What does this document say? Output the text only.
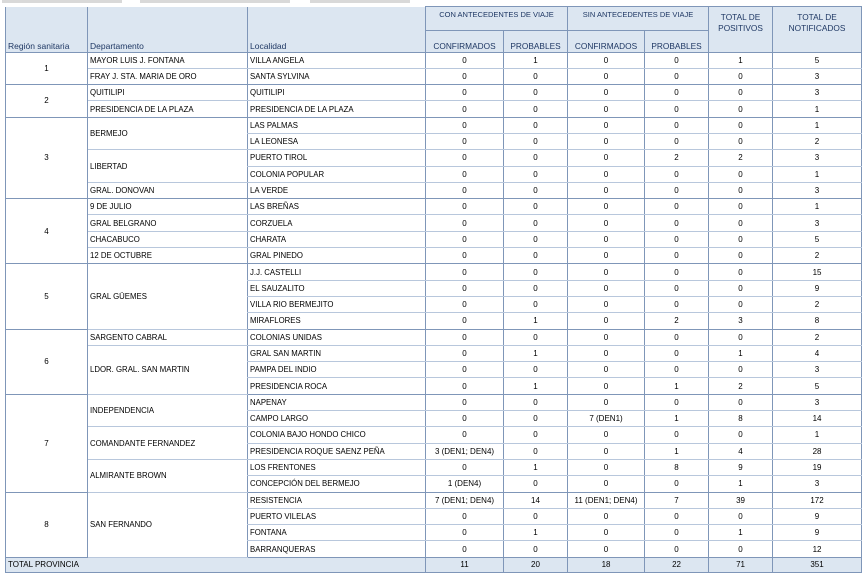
Región sanitaria	Departamento	Localidad	CON ANTECEDENTES DE VIAJE		SIN ANTECEDENTES DE VIAJE		TOTAL DE POSITIVOS	TOTAL DE NOTIFICADOS
			CONFIRMADOS	PROBABLES	CONFIRMADOS	PROBABLES		
1	MAYOR LUIS J. FONTANA	VILLA ANGELA	0	1	0	0	1	5
	FRAY J. STA. MARIA DE ORO	SANTA SYLVINA	0	0	0	0	0	3
2	QUITILIPI	QUITILIPI	0	0	0	0	0	3
	PRESIDENCIA DE LA PLAZA	PRESIDENCIA DE LA PLAZA	0	0	0	0	0	1
3	BERMEJO	LAS PALMAS	0	0	0	0	0	1
		LA LEONESA	0	0	0	0	0	2
	LIBERTAD	PUERTO TIROL	0	0	0	2	2	3
		COLONIA POPULAR	0	0	0	0	0	1
	GRAL. DONOVAN	LA VERDE	0	0	0	0	0	3
4	9 DE JULIO	LAS BREÑAS	0	0	0	0	0	1
	GRAL BELGRANO	CORZUELA	0	0	0	0	0	3
	CHACABUCO	CHARATA	0	0	0	0	0	5
	12 DE OCTUBRE	GRAL PINEDO	0	0	0	0	0	2
5	GRAL GÜEMES	J.J. CASTELLI	0	0	0	0	0	15
		EL SAUZALITO	0	0	0	0	0	9
		VILLA RIO BERMEJITO	0	0	0	0	0	2
		MIRAFLORES	0	1	0	2	3	8
6	SARGENTO CABRAL	COLONIAS UNIDAS	0	0	0	0	0	2
	LDOR. GRAL. SAN MARTIN	GRAL SAN MARTIN	0	1	0	0	1	4
		PAMPA DEL INDIO	0	0	0	0	0	3
		PRESIDENCIA ROCA	0	1	0	1	2	5
7	INDEPENDENCIA	NAPENAY	0	0	0	0	0	3
		CAMPO LARGO	0	0	7 (DEN1)	1	8	14
	COMANDANTE FERNANDEZ	COLONIA BAJO HONDO CHICO	0	0	0	0	0	1
		PRESIDENCIA ROQUE SAENZ PEÑA	3 (DEN1; DEN4)	0	0	1	4	28
	ALMIRANTE BROWN	LOS FRENTONES	0	1	0	8	9	19
		CONCEPCIÓN DEL BERMEJO	1 (DEN4)	0	0	0	1	3
8	SAN FERNANDO	RESISTENCIA	7 (DEN1; DEN4)	14	11 (DEN1; DEN4)	7	39	172
		PUERTO VILELAS	0	0	0	0	0	9
		FONTANA	0	1	0	0	1	9
		BARRANQUERAS	0	0	0	0	0	12
TOTAL PROVINCIA			11	20	18	22	71	351
